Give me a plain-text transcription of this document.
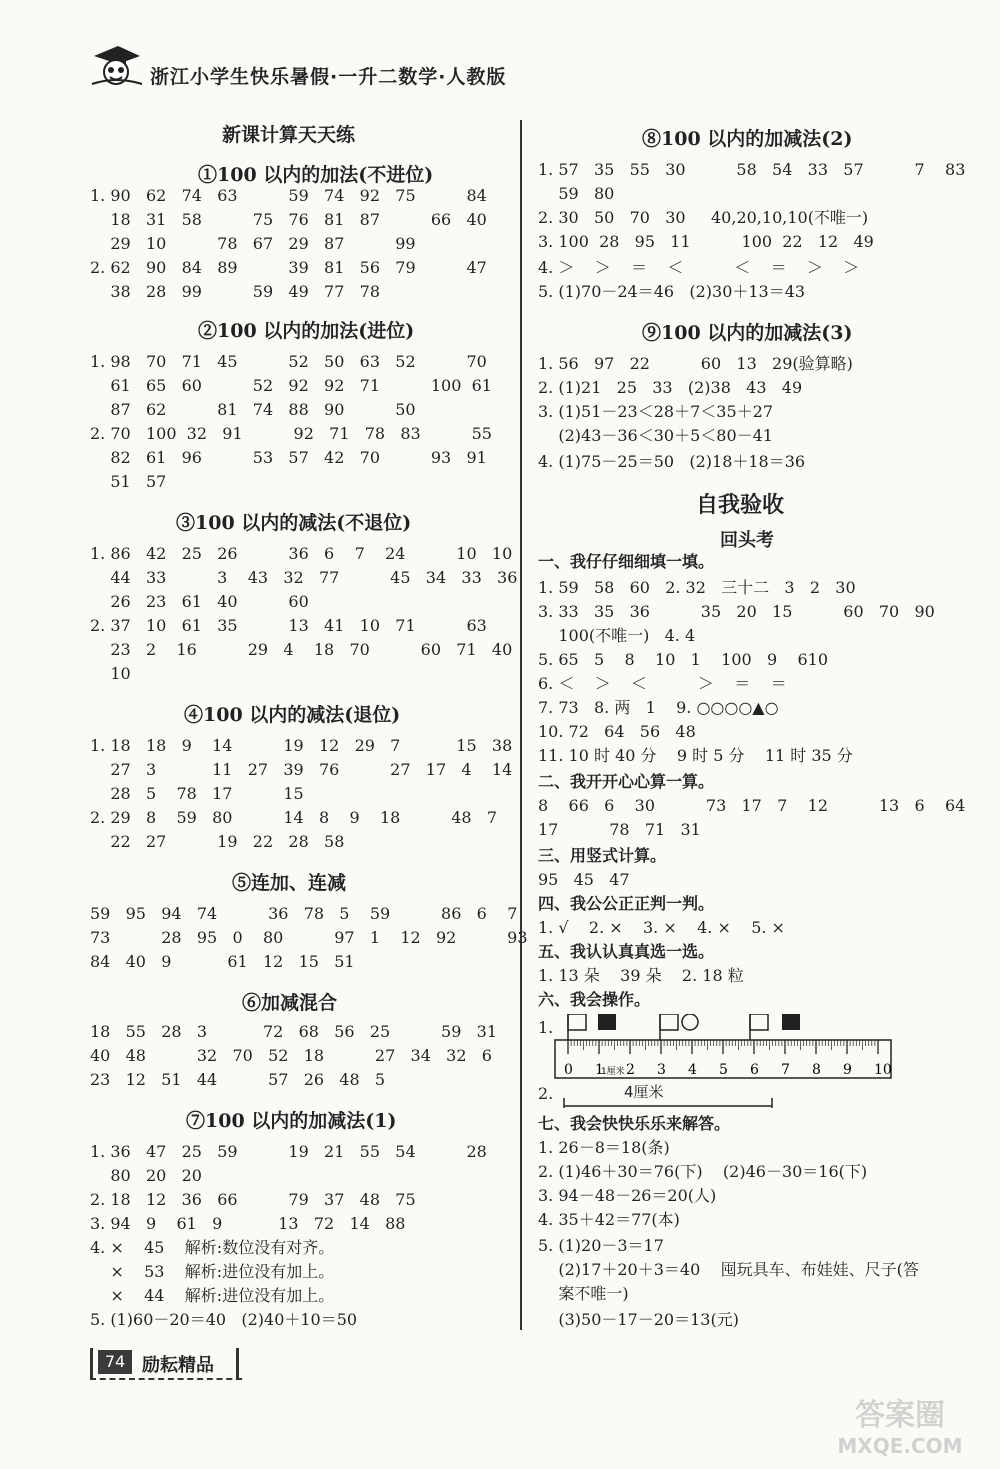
浙江小学生快乐暑假·一升二数学·人教版
新课计算天天练
①100 以内的加法(不进位)
1. 90   62   74   63          59   74   92   75          84
18   31   58          75   76   81   87          66   40
29   10          78   67   29   87          99
2. 62   90   84   89          39   81   56   79          47
38   28   99          59   49   77   78
②100 以内的加法(进位)
1. 98   70   71   45          52   50   63   52          70
61   65   60          52   92   92   71          100  61
87   62          81   74   88   90          50
2. 70   100  32   91          92   71   78   83          55
82   61   96          53   57   42   70          93   91
51   57
③100 以内的减法(不退位)
1. 86   42   25   26          36   6    7    24          10   10
44   33          3    43   32   77          45   34   33   36
26   23   61   40          60
2. 37   10   61   35          13   41   10   71          63
23   2    16          29   4    18   70          60   71   40
10
④100 以内的减法(退位)
1. 18   18   9    14          19   12   29   7           15   38
27   3           11   27   39   76          27   17   4    14
28   5    78   17          15
2. 29   8    59   80          14   8    9    18          48   7
22   27          19   22   28   58
⑤连加、连减
59   95   94   74          36   78   5    59          86   6    7
73          28   95   0    80          97   1    12   92          93
84   40   9           61   12   15   51
⑥加减混合
18   55   28   3           72   68   56   25          59   31
40   48          32   70   52   18          27   34   32   6
23   12   51   44          57   26   48   5
⑦100 以内的加减法(1)
1. 36   47   25   59          19   21   55   54          28
80   20   20
2. 18   12   36   66          79   37   48   75
3. 94   9    61   9           13   72   14   88
4. ×    45    解析:数位没有对齐。
×    53    解析:进位没有加上。
×    44    解析:进位没有加上。
5. (1)60－20＝40   (2)40＋10＝50
⑧100 以内的加减法(2)
1. 57   35   55   30          58   54   33   57          7    83
59   80
2. 30   50   70   30     40,20,10,10(不唯一)
3. 100  28   95   11          100  22   12   49
4. ＞    ＞    ＝    ＜          ＜    ＝    ＞    ＞
5. (1)70－24＝46   (2)30＋13＝43
⑨100 以内的加减法(3)
1. 56   97   22          60   13   29(验算略)
2. (1)21   25   33   (2)38   43   49
3. (1)51－23＜28＋7＜35＋27
(2)43－36＜30＋5＜80－41
4. (1)75－25＝50   (2)18＋18＝36
自我验收
回头考
一、我仔仔细细填一填。
1. 59   58   60   2. 32   三十二   3   2   30
3. 33   35   36          35   20   15          60   70   90
100(不唯一)   4. 4
5. 65   5    8    10   1    100   9    610
6. ＜    ＞    ＜          ＞    ＝    ＝
7. 73   8. 两   1    9. ○○○○▲○
10. 72   64   56   48
11. 10 时 40 分    9 时 5 分    11 时 35 分
二、我开开心心算一算。
8    66   6    30          73   17   7    12          13   6    64
17          78   71   31
三、用竖式计算。
95   45   47
四、我公公正正判一判。
1. √    2. ×    3. ×    4. ×    5. ×
五、我认认真真选一选。
1. 13 朵    39 朵    2. 18 粒
六、我会操作。
1.
2.	4厘米
七、我会快快乐乐来解答。
1. 26－8＝18(条)
2. (1)46＋30＝76(下)    (2)46－30＝16(下)
3. 94－48－26＝20(人)
4. 35＋42＝77(本)
5. (1)20－3＝17
(2)17＋20＋3＝40    囤玩具车、布娃娃、尺子(答
案不唯一)
(3)50－17－20＝13(元)
0 1 2 3 4 5 6 7 8 9 10
1厘米
74 励耘精品
答案圈
MXQE.COM
